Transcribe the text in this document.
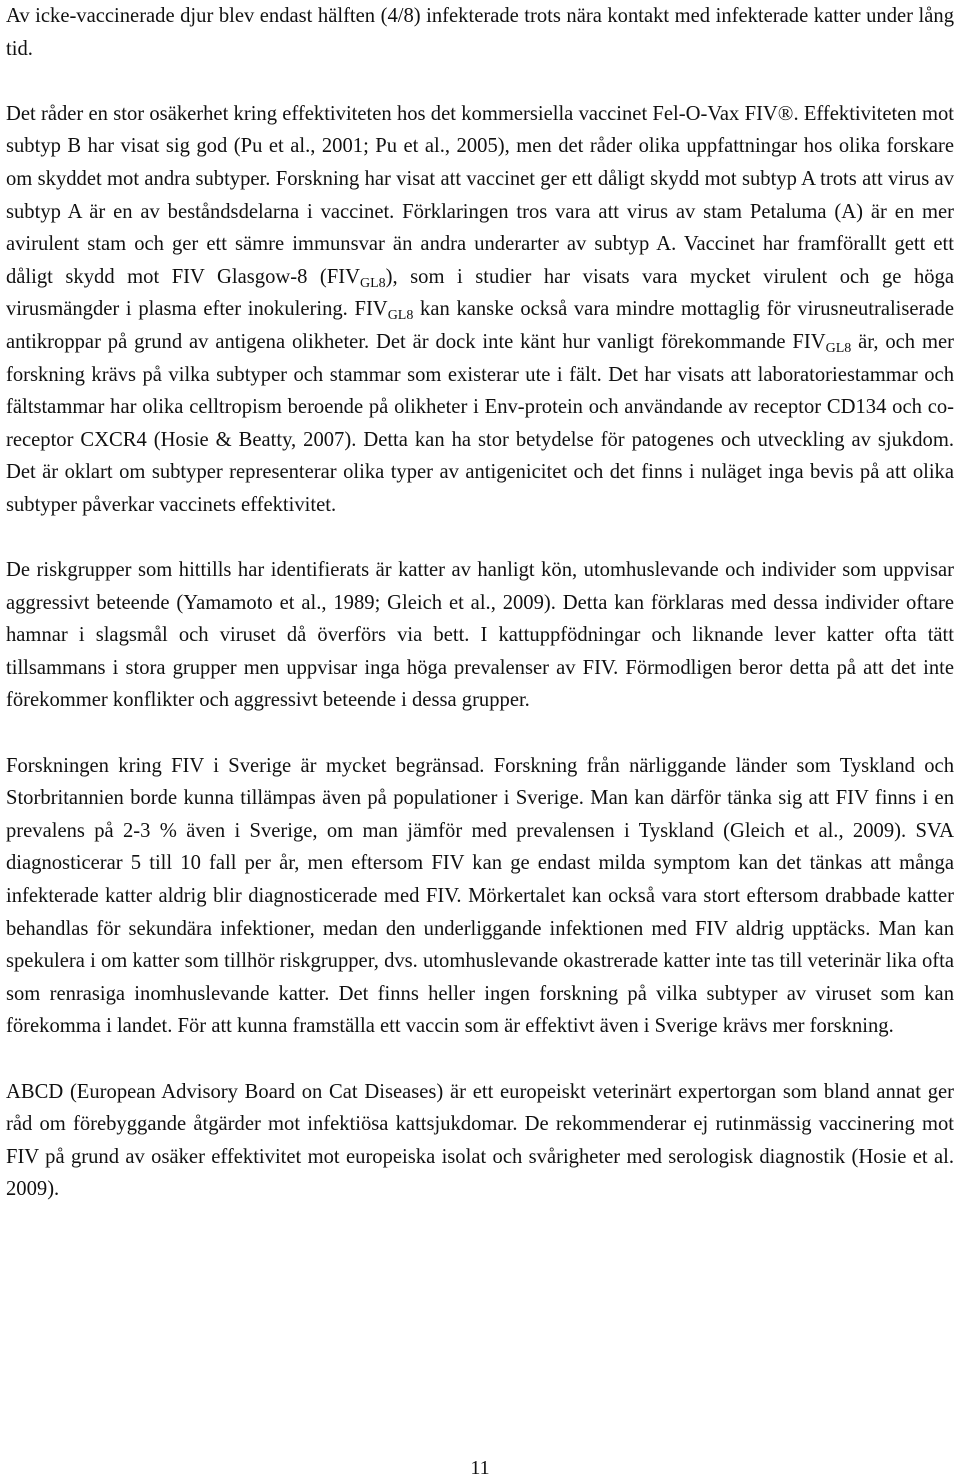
Av icke-vaccinerade djur blev endast hälften (4/8) infekterade trots nära kontakt med infekterade katter under lång tid.

Det råder en stor osäkerhet kring effektiviteten hos det kommersiella vaccinet Fel-O-Vax FIV®. Effektiviteten mot subtyp B har visat sig god (Pu et al., 2001; Pu et al., 2005), men det råder olika uppfattningar hos olika forskare om skyddet mot andra subtyper. Forskning har visat att vaccinet ger ett dåligt skydd mot subtyp A trots att virus av subtyp A är en av beståndsdelarna i vaccinet. Förklaringen tros vara att virus av stam Petaluma (A) är en mer avirulent stam och ger ett sämre immunsvar än andra underarter av subtyp A. Vaccinet har framförallt gett ett dåligt skydd mot FIV Glasgow-8 $(FIV_{GL8})$, som i studier har visats vara mycket virulent och ge höga virusmängder i plasma efter inokulering. $FIV_{GL8}$ kan kanske också vara mindre mottaglig för virusneutraliserade antikroppar på grund av antigena olikheter. Det är dock inte känt hur vanligt förekommande $FIV_{GL8}$ är, och mer forskning krävs på vilka subtyper och stammar som existerar ute i fält. Det har visats att laboratoriestammar och fältstammar har olika celltropism beroende på olikheter i Env-protein och användande av receptor CD134 och co-receptor CXCR4 (Hosie & Beatty, 2007). Detta kan ha stor betydelse för patogenes och utveckling av sjukdom. Det är oklart om subtyper representerar olika typer av antigenicitet och det finns i nuläget inga bevis på att olika subtyper påverkar vaccinets effektivitet.

De riskgrupper som hittills har identifierats är katter av hanligt kön, utomhuslevande och individer som uppvisar aggressivt beteende (Yamamoto et al., 1989; Gleich et al., 2009). Detta kan förklaras med dessa individer oftare hamnar i slagsmål och viruset då överförs via bett. I kattuppfödningar och liknande lever katter ofta tätt tillsammans i stora grupper men uppvisar inga höga prevalenser av FIV. Förmodligen beror detta på att det inte förekommer konflikter och aggressivt beteende i dessa grupper.

Forskningen kring FIV i Sverige är mycket begränsad. Forskning från närliggande länder som Tyskland och Storbritannien borde kunna tillämpas även på populationer i Sverige. Man kan därför tänka sig att FIV finns i en prevalens på 2-3 % även i Sverige, om man jämför med prevalensen i Tyskland (Gleich et al., 2009). SVA diagnosticerar 5 till 10 fall per år, men eftersom FIV kan ge endast milda symptom kan det tänkas att många infekterade katter aldrig blir diagnosticerade med FIV. Mörkertalet kan också vara stort eftersom drabbade katter behandlas för sekundära infektioner, medan den underliggande infektionen med FIV aldrig upptäcks. Man kan spekulera i om katter som tillhör riskgrupper, dvs. utomhuslevande okastrerade katter inte tas till veterinär lika ofta som renrasiga inomhuslevande katter. Det finns heller ingen forskning på vilka subtyper av viruset som kan förekomma i landet. För att kunna framställa ett vaccin som är effektivt även i Sverige krävs mer forskning.

ABCD (European Advisory Board on Cat Diseases) är ett europeiskt veterinärt expertorgan som bland annat ger råd om förebyggande åtgärder mot infektiösa kattsjukdomar. De rekommenderar ej rutinmässig vaccinering mot FIV på grund av osäker effektivitet mot europeiska isolat och svårigheter med serologisk diagnostik (Hosie et al. 2009).

11
